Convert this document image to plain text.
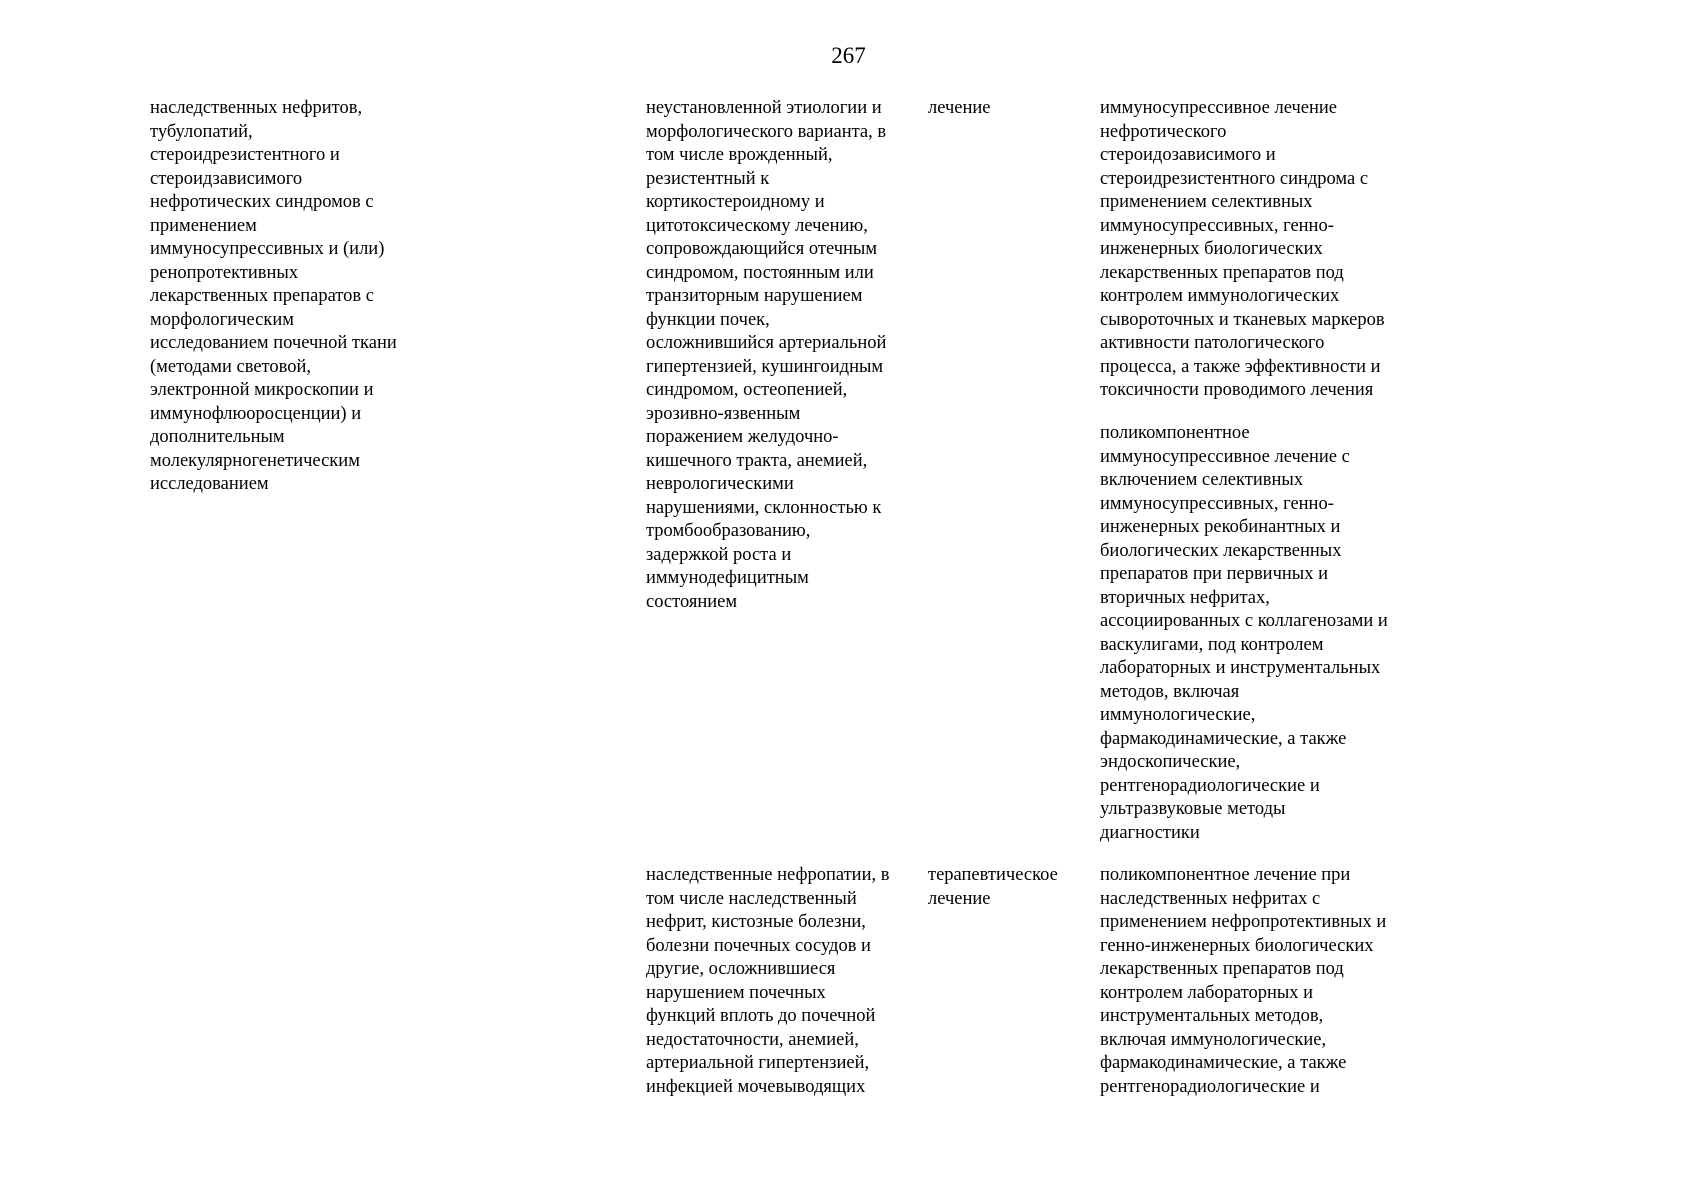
267
наследственных нефритов,
тубулопатий,
стероидрезистентного и
стероидзависимого
нефротических синдромов с
применением
иммуносупрессивных и (или)
ренопротективных
лекарственных препаратов с
морфологическим
исследованием почечной ткани
(методами световой,
электронной микроскопии и
иммунофлюоросценции) и
дополнительным
молекулярногенетическим
исследованием
неустановленной этиологии и
морфологического варианта, в
том числе врожденный,
резистентный к
кортикостероидному и
цитотоксическому лечению,
сопровождающийся отечным
синдромом, постоянным или
транзиторным нарушением
функции почек,
осложнившийся артериальной
гипертензией, кушингоидным
синдромом, остеопенией,
эрозивно-язвенным
поражением желудочно-
кишечного тракта, анемией,
неврологическими
нарушениями, склонностью к
тромбообразованию,
задержкой роста и
иммунодефицитным
состоянием
лечение	иммуносупрессивное лечение
нефротического
стероидозависимого и
стероидрезистентного синдрома с
применением селективных
иммуносупрессивных, генно-
инженерных биологических
лекарственных препаратов под
контролем иммунологических
сывороточных и тканевых маркеров
активности патологического
процесса, а также эффективности и
токсичности проводимого лечения
поликомпонентное
иммуносупрессивное лечение с
включением селективных
иммуносупрессивных, генно-
инженерных рекобинантных и
биологических лекарственных
препаратов при первичных и
вторичных нефритах,
ассоциированных с коллагенозами и
васкулигами, под контролем
лабораторных и инструментальных
методов, включая
иммунологические,
фармакодинамические, а также
эндоскопические,
рентгенорадиологические и
ультразвуковые методы
диагностики
наследственные нефропатии, в
том числе наследственный
нефрит, кистозные болезни,
болезни почечных сосудов и
другие, осложнившиеся
нарушением почечных
функций вплоть до почечной
недостаточности, анемией,
артериальной гипертензией,
инфекцией мочевыводящих
терапевтическое
лечение
поликомпонентное лечение при
наследственных нефритах с
применением нефропротективных и
генно-инженерных биологических
лекарственных препаратов под
контролем лабораторных и
инструментальных методов,
включая иммунологические,
фармакодинамические, а также
рентгенорадиологические и
